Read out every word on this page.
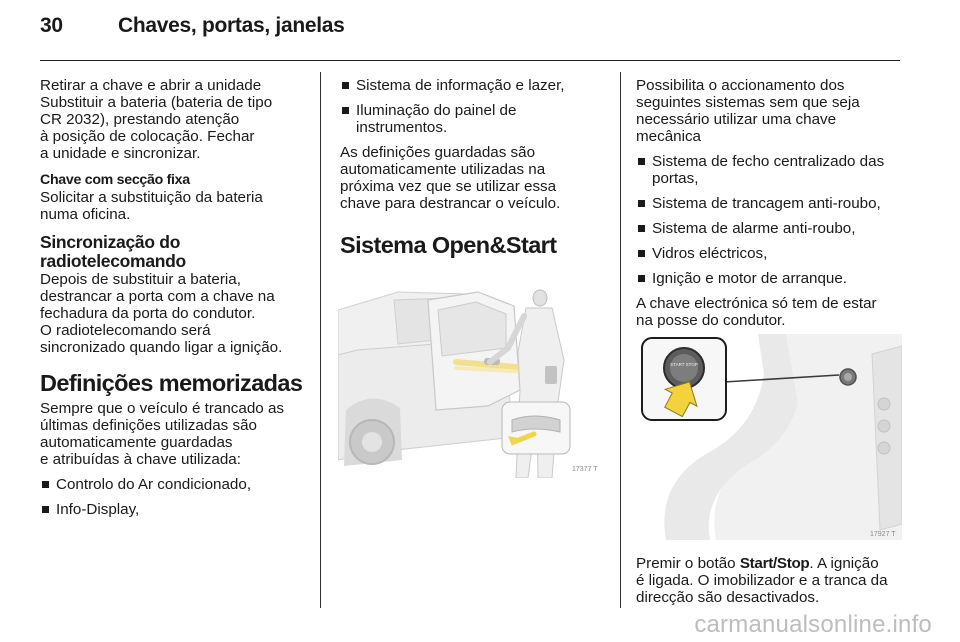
30	Chaves, portas, janelas

Retirar a chave e abrir a unidade
Substituir a bateria (bateria de tipo
CR 2032), prestando atenção
à posição de colocação. Fechar
a unidade e sincronizar.

Chave com secção fixa

Solicitar a substituição da bateria
numa oficina.

Sincronização do
radiotelecomando

Depois de substituir a bateria,
destrancar a porta com a chave na
fechadura da porta do condutor.
O radiotelecomando será
sincronizado quando ligar a ignição.

Definições memorizadas

Sempre que o veículo é trancado as
últimas definições utilizadas são
automaticamente guardadas
e atribuídas à chave utilizada:

Controlo do Ar condicionado,

Info-Display,

Sistema de informação e lazer,

Iluminação do painel de
instrumentos.

As definições guardadas são
automaticamente utilizadas na
próxima vez que se utilizar essa
chave para destrancar o veículo.

Sistema Open&Start

17377 T

Possibilita o accionamento dos
seguintes sistemas sem que seja
necessário utilizar uma chave
mecânica

Sistema de fecho centralizado das
portas,

Sistema de trancagem anti-roubo,

Sistema de alarme anti-roubo,

Vidros eléctricos,

Ignição e motor de arranque.

A chave electrónica só tem de estar
na posse do condutor.

START STOP
17927 T

Premir o botão Start/Stop. A ignição
é ligada. O imobilizador e a tranca da
direcção são desactivados.

carmanualsonline.info
